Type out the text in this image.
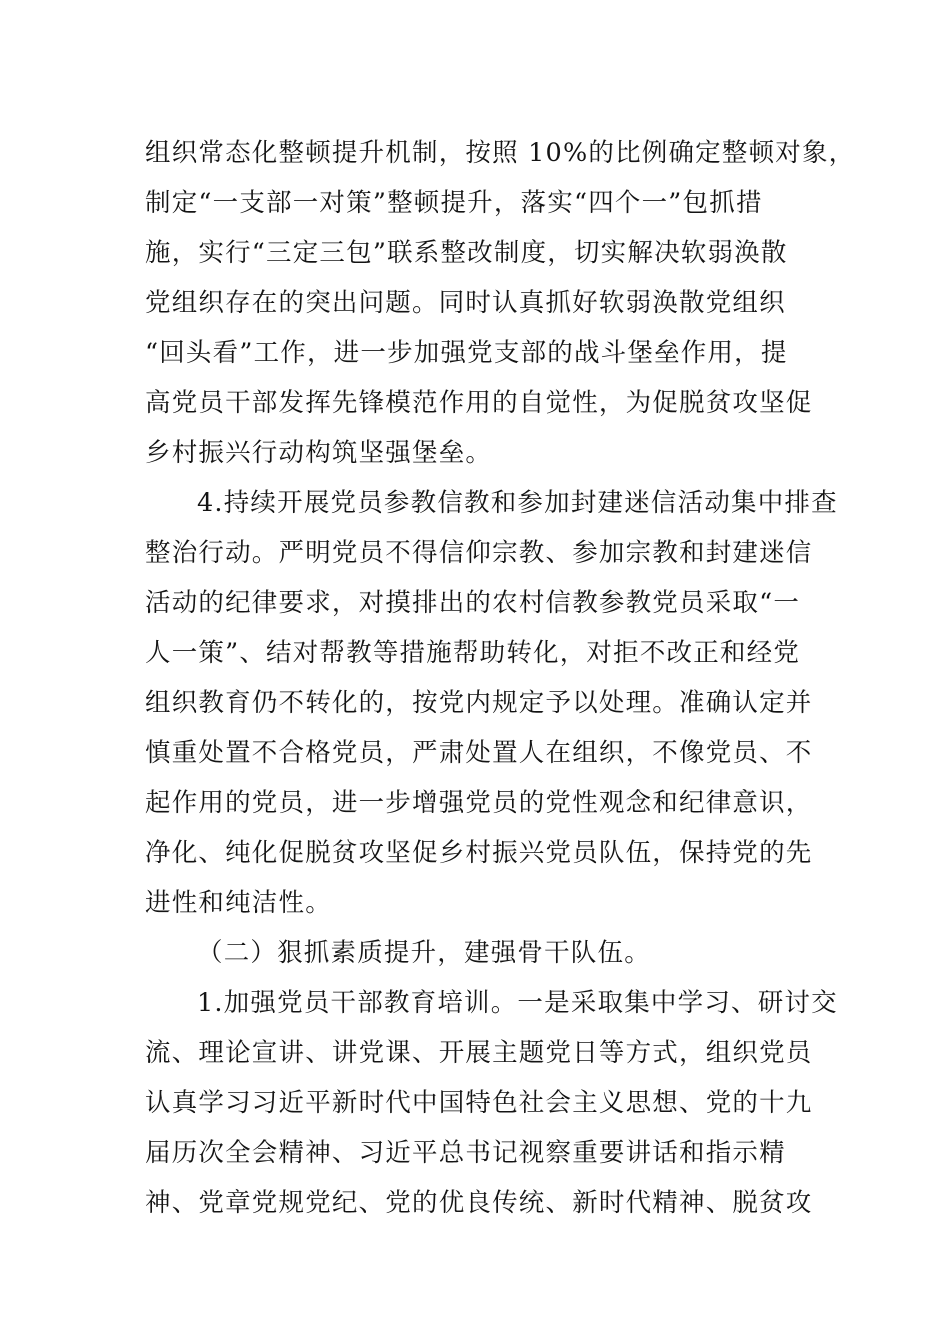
组织常态化整顿提升机制，按照 10%的比例确定整顿对象，
制定“一支部一对策”整顿提升，落实“四个一”包抓措
施，实行“三定三包”联系整改制度，切实解决软弱涣散
党组织存在的突出问题。同时认真抓好软弱涣散党组织
“回头看”工作，进一步加强党支部的战斗堡垒作用，提
高党员干部发挥先锋模范作用的自觉性，为促脱贫攻坚促
乡村振兴行动构筑坚强堡垒。
4.持续开展党员参教信教和参加封建迷信活动集中排查
整治行动。严明党员不得信仰宗教、参加宗教和封建迷信
活动的纪律要求，对摸排出的农村信教参教党员采取“一
人一策”、结对帮教等措施帮助转化，对拒不改正和经党
组织教育仍不转化的，按党内规定予以处理。准确认定并
慎重处置不合格党员，严肃处置人在组织，不像党员、不
起作用的党员，进一步增强党员的党性观念和纪律意识，
净化、纯化促脱贫攻坚促乡村振兴党员队伍，保持党的先
进性和纯洁性。
（二）狠抓素质提升，建强骨干队伍。
1.加强党员干部教育培训。一是采取集中学习、研讨交
流、理论宣讲、讲党课、开展主题党日等方式，组织党员
认真学习习近平新时代中国特色社会主义思想、党的十九
届历次全会精神、习近平总书记视察重要讲话和指示精
神、党章党规党纪、党的优良传统、新时代精神、脱贫攻
